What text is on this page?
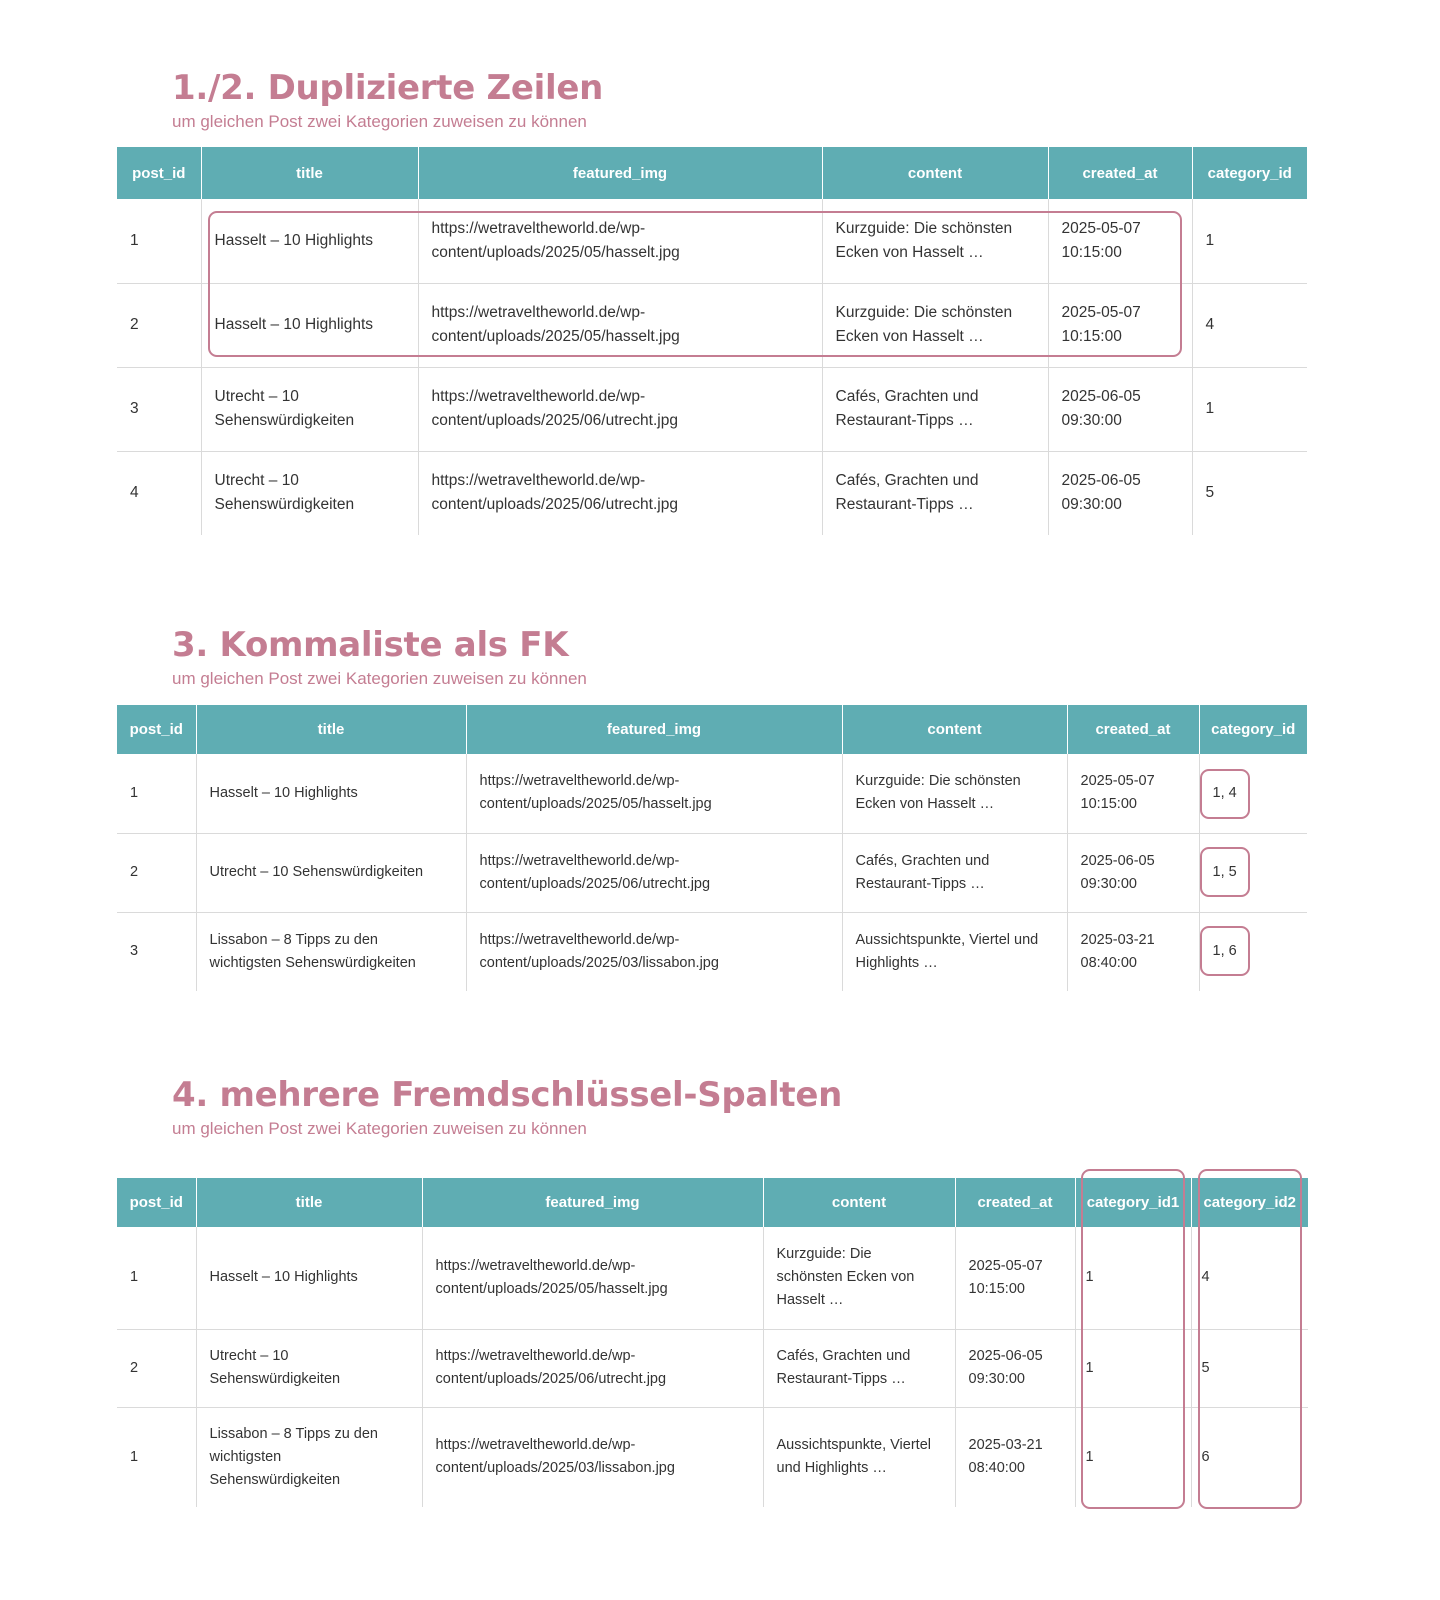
1./2. Duplizierte Zeilen
um gleichen Post zwei Kategorien zuweisen zu können
post_id	title	featured_img	content	created_at	category_id
1	Hasselt – 10 Highlights	https://wetraveltheworld.de/wp-content/uploads/2025/05/hasselt.jpg	Kurzguide: Die schönsten Ecken von Hasselt …	2025-05-07 10:15:00	1
2	Hasselt – 10 Highlights	https://wetraveltheworld.de/wp-content/uploads/2025/05/hasselt.jpg	Kurzguide: Die schönsten Ecken von Hasselt …	2025-05-07 10:15:00	4
3	Utrecht – 10 Sehenswürdigkeiten	https://wetraveltheworld.de/wp-content/uploads/2025/06/utrecht.jpg	Cafés, Grachten und Restaurant-Tipps …	2025-06-05 09:30:00	1
4	Utrecht – 10 Sehenswürdigkeiten	https://wetraveltheworld.de/wp-content/uploads/2025/06/utrecht.jpg	Cafés, Grachten und Restaurant-Tipps …	2025-06-05 09:30:00	5
3. Kommaliste als FK
um gleichen Post zwei Kategorien zuweisen zu können
post_id	title	featured_img	content	created_at	category_id
1	Hasselt – 10 Highlights	https://wetraveltheworld.de/wp-content/uploads/2025/05/hasselt.jpg	Kurzguide: Die schönsten Ecken von Hasselt …	2025-05-07 10:15:00	1, 4
2	Utrecht – 10 Sehenswürdigkeiten	https://wetraveltheworld.de/wp-content/uploads/2025/06/utrecht.jpg	Cafés, Grachten und Restaurant-Tipps …	2025-06-05 09:30:00	1, 5
3	Lissabon – 8 Tipps zu den wichtigsten Sehenswürdigkeiten	https://wetraveltheworld.de/wp-content/uploads/2025/03/lissabon.jpg	Aussichtspunkte, Viertel und Highlights …	2025-03-21 08:40:00	1, 6
4. mehrere Fremdschlüssel-Spalten
um gleichen Post zwei Kategorien zuweisen zu können
post_id	title	featured_img	content	created_at	category_id1	category_id2
1	Hasselt – 10 Highlights	https://wetraveltheworld.de/wp-content/uploads/2025/05/hasselt.jpg	Kurzguide: Die schönsten Ecken von Hasselt …	2025-05-07 10:15:00	1	4
2	Utrecht – 10 Sehenswürdigkeiten	https://wetraveltheworld.de/wp-content/uploads/2025/06/utrecht.jpg	Cafés, Grachten und Restaurant-Tipps …	2025-06-05 09:30:00	1	5
1	Lissabon – 8 Tipps zu den wichtigsten Sehenswürdigkeiten	https://wetraveltheworld.de/wp-content/uploads/2025/03/lissabon.jpg	Aussichtspunkte, Viertel und Highlights …	2025-03-21 08:40:00	1	6
